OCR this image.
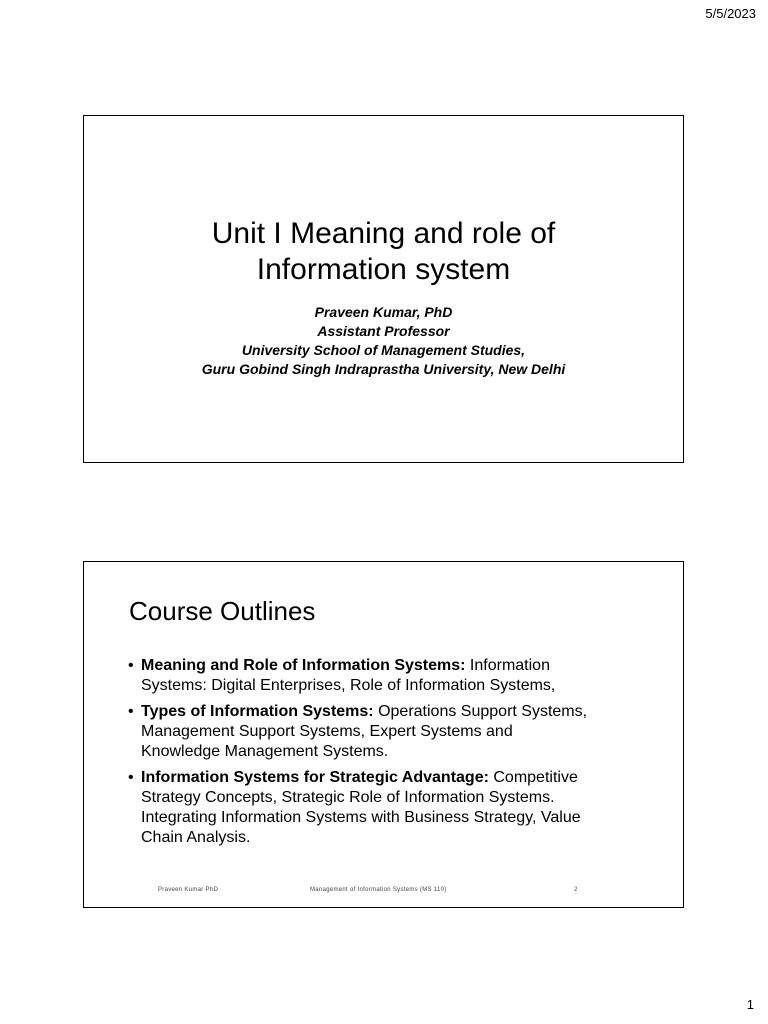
5/5/2023
Unit I Meaning and role of
Information system
Praveen Kumar, PhD
Assistant Professor
University School of Management Studies,
Guru Gobind Singh Indraprastha University, New Delhi
Course Outlines
• Meaning and Role of Information Systems: Information
Systems: Digital Enterprises, Role of Information Systems,
• Types of Information Systems: Operations Support Systems,
Management Support Systems, Expert Systems and
Knowledge Management Systems.
• Information Systems for Strategic Advantage: Competitive
Strategy Concepts, Strategic Role of Information Systems.
Integrating Information Systems with Business Strategy, Value
Chain Analysis.
Praveen Kumar PhD	Management of Information Systems (MS 110)	2
1
